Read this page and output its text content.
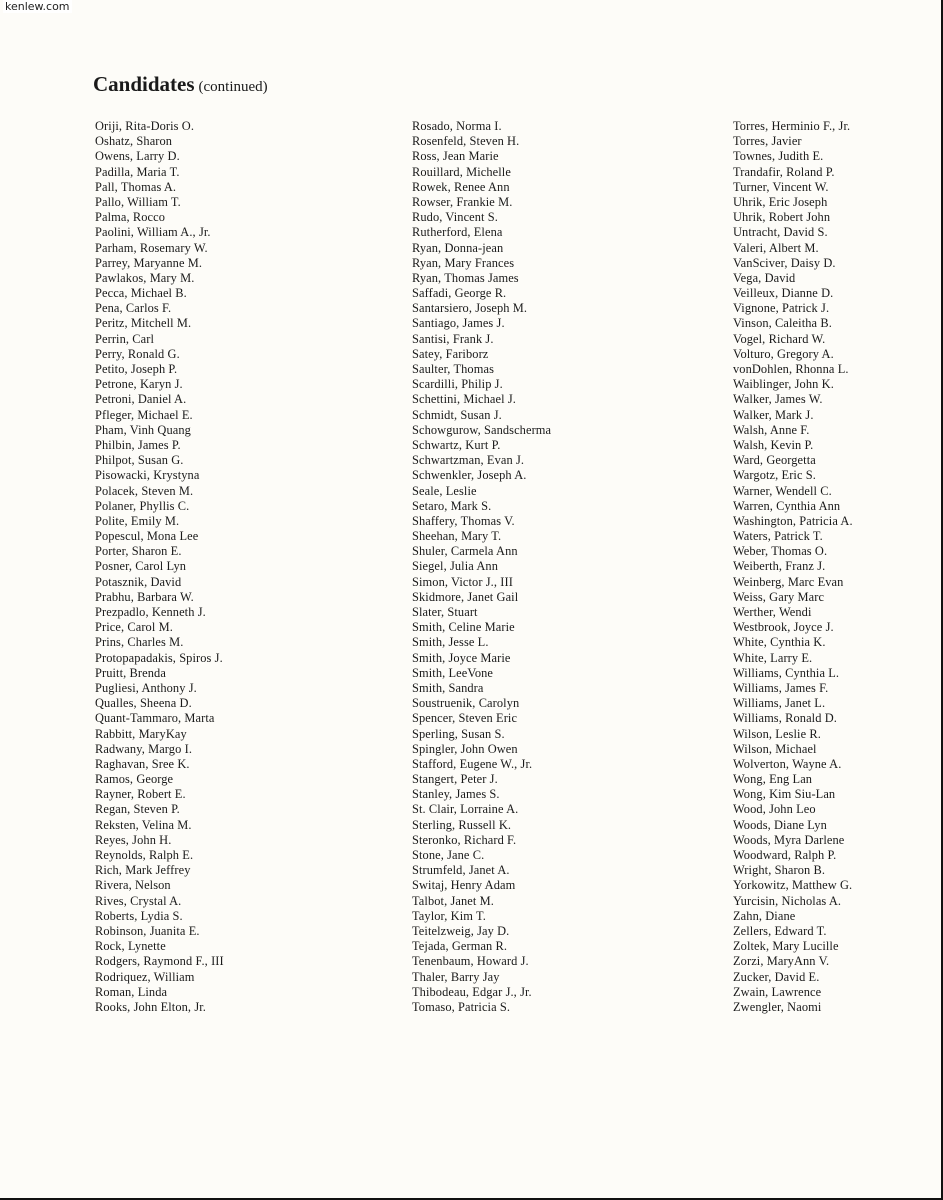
kenlew.com
Candidates (continued)
Oriji, Rita-Doris O.
Oshatz, Sharon
Owens, Larry D.
Padilla, Maria T.
Pall, Thomas A.
Pallo, William T.
Palma, Rocco
Paolini, William A., Jr.
Parham, Rosemary W.
Parrey, Maryanne M.
Pawlakos, Mary M.
Pecca, Michael B.
Pena, Carlos F.
Peritz, Mitchell M.
Perrin, Carl
Perry, Ronald G.
Petito, Joseph P.
Petrone, Karyn J.
Petroni, Daniel A.
Pfleger, Michael E.
Pham, Vinh Quang
Philbin, James P.
Philpot, Susan G.
Pisowacki, Krystyna
Polacek, Steven M.
Polaner, Phyllis C.
Polite, Emily M.
Popescul, Mona Lee
Porter, Sharon E.
Posner, Carol Lyn
Potasznik, David
Prabhu, Barbara W.
Prezpadlo, Kenneth J.
Price, Carol M.
Prins, Charles M.
Protopapadakis, Spiros J.
Pruitt, Brenda
Pugliesi, Anthony J.
Qualles, Sheena D.
Quant-Tammaro, Marta
Rabbitt, MaryKay
Radwany, Margo I.
Raghavan, Sree K.
Ramos, George
Rayner, Robert E.
Regan, Steven P.
Reksten, Velina M.
Reyes, John H.
Reynolds, Ralph E.
Rich, Mark Jeffrey
Rivera, Nelson
Rives, Crystal A.
Roberts, Lydia S.
Robinson, Juanita E.
Rock, Lynette
Rodgers, Raymond F., III
Rodriquez, William
Roman, Linda
Rooks, John Elton, Jr.
Rosado, Norma I.
Rosenfeld, Steven H.
Ross, Jean Marie
Rouillard, Michelle
Rowek, Renee Ann
Rowser, Frankie M.
Rudo, Vincent S.
Rutherford, Elena
Ryan, Donna-jean
Ryan, Mary Frances
Ryan, Thomas James
Saffadi, George R.
Santarsiero, Joseph M.
Santiago, James J.
Santisi, Frank J.
Satey, Fariborz
Saulter, Thomas
Scardilli, Philip J.
Schettini, Michael J.
Schmidt, Susan J.
Schowgurow, Sandscherma
Schwartz, Kurt P.
Schwartzman, Evan J.
Schwenkler, Joseph A.
Seale, Leslie
Setaro, Mark S.
Shaffery, Thomas V.
Sheehan, Mary T.
Shuler, Carmela Ann
Siegel, Julia Ann
Simon, Victor J., III
Skidmore, Janet Gail
Slater, Stuart
Smith, Celine Marie
Smith, Jesse L.
Smith, Joyce Marie
Smith, LeeVone
Smith, Sandra
Soustruenik, Carolyn
Spencer, Steven Eric
Sperling, Susan S.
Spingler, John Owen
Stafford, Eugene W., Jr.
Stangert, Peter J.
Stanley, James S.
St. Clair, Lorraine A.
Sterling, Russell K.
Steronko, Richard F.
Stone, Jane C.
Strumfeld, Janet A.
Switaj, Henry Adam
Talbot, Janet M.
Taylor, Kim T.
Teitelzweig, Jay D.
Tejada, German R.
Tenenbaum, Howard J.
Thaler, Barry Jay
Thibodeau, Edgar J., Jr.
Tomaso, Patricia S.
Torres, Herminio F., Jr.
Torres, Javier
Townes, Judith E.
Trandafir, Roland P.
Turner, Vincent W.
Uhrik, Eric Joseph
Uhrik, Robert John
Untracht, David S.
Valeri, Albert M.
VanSciver, Daisy D.
Vega, David
Veilleux, Dianne D.
Vignone, Patrick J.
Vinson, Caleitha B.
Vogel, Richard W.
Volturo, Gregory A.
vonDohlen, Rhonna L.
Waiblinger, John K.
Walker, James W.
Walker, Mark J.
Walsh, Anne F.
Walsh, Kevin P.
Ward, Georgetta
Wargotz, Eric S.
Warner, Wendell C.
Warren, Cynthia Ann
Washington, Patricia A.
Waters, Patrick T.
Weber, Thomas O.
Weiberth, Franz J.
Weinberg, Marc Evan
Weiss, Gary Marc
Werther, Wendi
Westbrook, Joyce J.
White, Cynthia K.
White, Larry E.
Williams, Cynthia L.
Williams, James F.
Williams, Janet L.
Williams, Ronald D.
Wilson, Leslie R.
Wilson, Michael
Wolverton, Wayne A.
Wong, Eng Lan
Wong, Kim Siu-Lan
Wood, John Leo
Woods, Diane Lyn
Woods, Myra Darlene
Woodward, Ralph P.
Wright, Sharon B.
Yorkowitz, Matthew G.
Yurcisin, Nicholas A.
Zahn, Diane
Zellers, Edward T.
Zoltek, Mary Lucille
Zorzi, MaryAnn V.
Zucker, David E.
Zwain, Lawrence
Zwengler, Naomi
